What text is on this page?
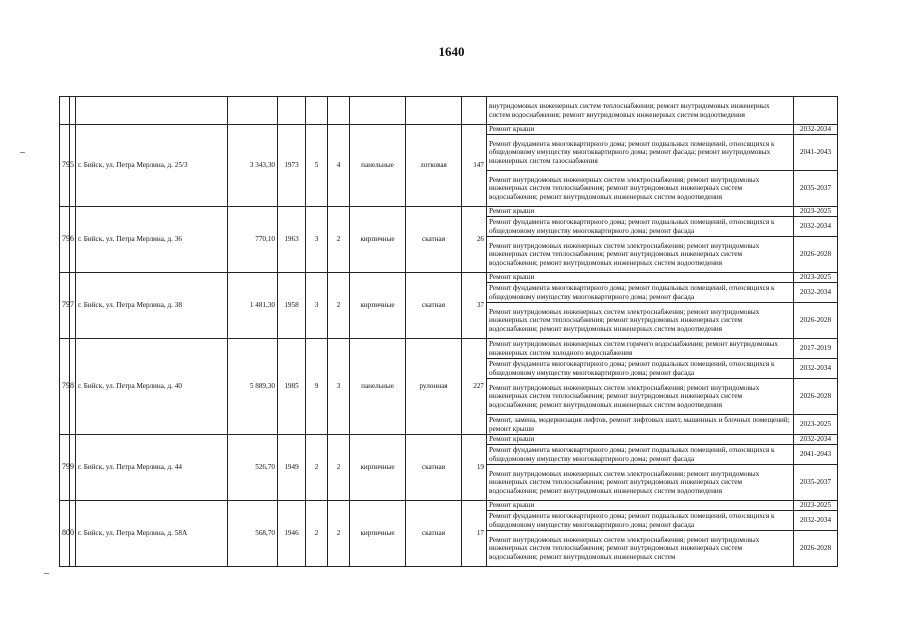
1640
										внутридомовых инженерных систем теплоснабжения; ремонт внутридомовых инженерных систем водоснабжения; ремонт внутридомовых инженерных систем водоотведения	
795		г. Бийск, ул. Петра Мерлина, д. 25/3	3 343,30	1973	5	4	панельные	лотковая	147	Ремонт крыши	2032-2034
										Ремонт фундамента многоквартирного дома; ремонт подвальных помещений, относящихся к общедомовому имуществу многоквартирного дома; ремонт фасада; ремонт внутридомовых инженерных систем газоснабжения	2041-2043
										Ремонт внутридомовых инженерных систем электроснабжения; ремонт внутридомовых инженерных систем теплоснабжения; ремонт внутридомовых инженерных систем водоснабжения; ремонт внутридомовых инженерных систем водоотведения	2035-2037
796		г. Бийск, ул. Петра Мерлина, д. 36	770,10	1963	3	2	кирпичные	скатная	26	Ремонт крыши	2023-2025
										Ремонт фундамента многоквартирного дома; ремонт подвальных помещений, относящихся к общедомовому имуществу многоквартирного дома; ремонт фасада	2032-2034
										Ремонт внутридомовых инженерных систем электроснабжения; ремонт внутридомовых инженерных систем теплоснабжения; ремонт внутридомовых инженерных систем водоснабжения; ремонт внутридомовых инженерных систем водоотведения	2026-2028
797		г. Бийск, ул. Петра Мерлина, д. 38	1 481,30	1958	3	2	кирпичные	скатная	37	Ремонт крыши	2023-2025
										Ремонт фундамента многоквартирного дома; ремонт подвальных помещений, относящихся к общедомовому имуществу многоквартирного дома; ремонт фасада	2032-2034
										Ремонт внутридомовых инженерных систем электроснабжения; ремонт внутридомовых инженерных систем теплоснабжения; ремонт внутридомовых инженерных систем водоснабжения; ремонт внутридомовых инженерных систем водоотведения	2026-2028
798		г. Бийск, ул. Петра Мерлина, д. 40	5 889,30	1985	9	3	панельные	рулонная	227	Ремонт внутридомовых инженерных систем горячего водоснабжения; ремонт внутридомовых инженерных систем холодного водоснабжения	2017-2019
										Ремонт фундамента многоквартирного дома; ремонт подвальных помещений, относящихся к общедомовому имуществу многоквартирного дома; ремонт фасада	2032-2034
										Ремонт внутридомовых инженерных систем электроснабжения; ремонт внутридомовых инженерных систем теплоснабжения; ремонт внутридомовых инженерных систем водоснабжения; ремонт внутридомовых инженерных систем водоотведения	2026-2028
										Ремонт, замена, модернизация лифтов, ремонт лифтовых шахт, машинных и блочных помещений; ремонт крыши	2023-2025
799		г. Бийск, ул. Петра Мерлина, д. 44	526,70	1949	2	2	кирпичные	скатная	19	Ремонт крыши	2032-2034
										Ремонт фундамента многоквартирного дома; ремонт подвальных помещений, относящихся к общедомовому имуществу многоквартирного дома; ремонт фасада	2041-2043
										Ремонт внутридомовых инженерных систем электроснабжения; ремонт внутридомовых инженерных систем теплоснабжения; ремонт внутридомовых инженерных систем водоснабжения; ремонт внутридомовых инженерных систем водоотведения	2035-2037
800		г. Бийск, ул. Петра Мерлина, д. 58А	568,70	1946	2	2	кирпичные	скатная	17	Ремонт крыши	2023-2025
										Ремонт фундамента многоквартирного дома; ремонт подвальных помещений, относящихся к общедомовому имуществу многоквартирного дома; ремонт фасада	2032-2034
										Ремонт внутридомовых инженерных систем электроснабжения; ремонт внутридомовых инженерных систем теплоснабжения; ремонт внутридомовых инженерных систем водоснабжения; ремонт внутридомовых инженерных систем	2026-2028
